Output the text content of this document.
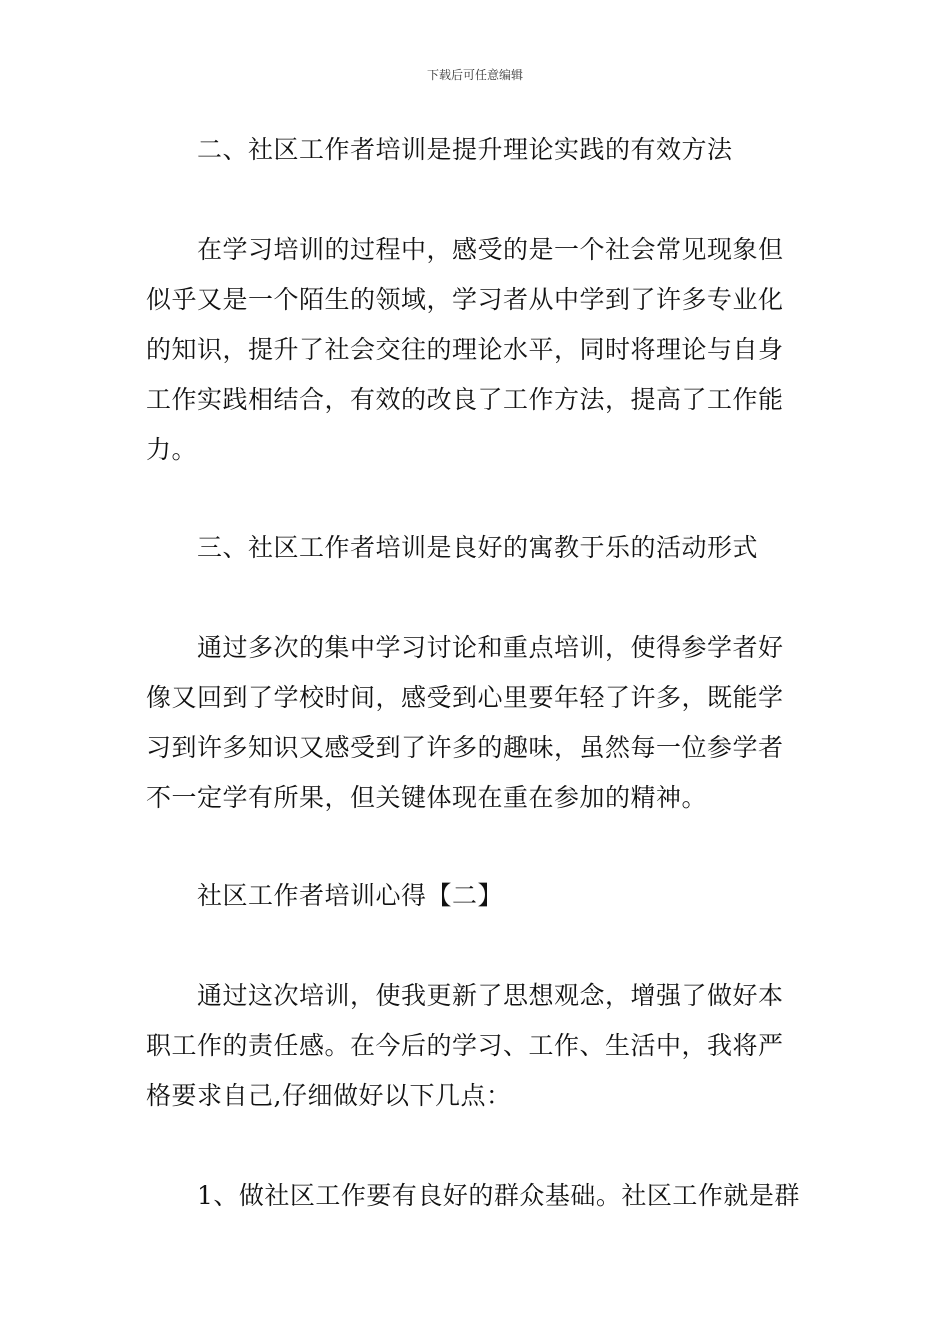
下载后可任意编辑
二、社区工作者培训是提升理论实践的有效方法
在学习培训的过程中，感受的是一个社会常见现象但
似乎又是一个陌生的领域，学习者从中学到了许多专业化
的知识，提升了社会交往的理论水平，同时将理论与自身
工作实践相结合，有效的改良了工作方法，提高了工作能
力。
三、社区工作者培训是良好的寓教于乐的活动形式
通过多次的集中学习讨论和重点培训，使得参学者好
像又回到了学校时间，感受到心里要年轻了许多，既能学
习到许多知识又感受到了许多的趣味，虽然每一位参学者
不一定学有所果，但关键体现在重在参加的精神。
社区工作者培训心得【二】
通过这次培训，使我更新了思想观念，增强了做好本
职工作的责任感。在今后的学习、工作、生活中，我将严
格要求自己,仔细做好以下几点：
1、做社区工作要有良好的群众基础。社区工作就是群
